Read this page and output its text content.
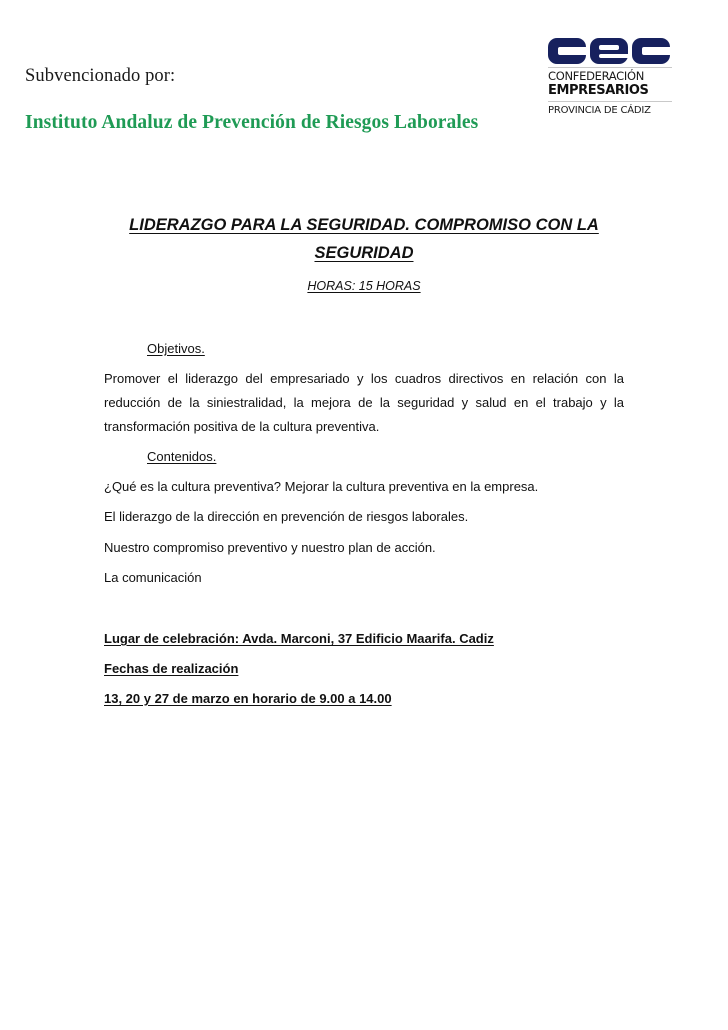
Subvencionado por:
Instituto Andaluz de Prevención de Riesgos Laborales
CONFEDERACIÓN
EMPRESARIOS
PROVINCIA DE CÁDIZ
LIDERAZGO PARA LA SEGURIDAD. COMPROMISO CON LA
SEGURIDAD
HORAS: 15 HORAS
Objetivos.
Promover el liderazgo del empresariado y los cuadros directivos en relación con la reducción de la siniestralidad, la mejora de la seguridad y salud en el trabajo y la transformación positiva de la cultura preventiva.
Contenidos.
¿Qué es la cultura preventiva? Mejorar la cultura preventiva en la empresa.
El liderazgo de la dirección en prevención de riesgos laborales.
Nuestro compromiso preventivo y nuestro plan de acción.
La comunicación
Lugar de celebración: Avda. Marconi, 37 Edificio Maarifa. Cadiz
Fechas de realización
13, 20 y 27 de marzo en horario de 9.00 a 14.00
